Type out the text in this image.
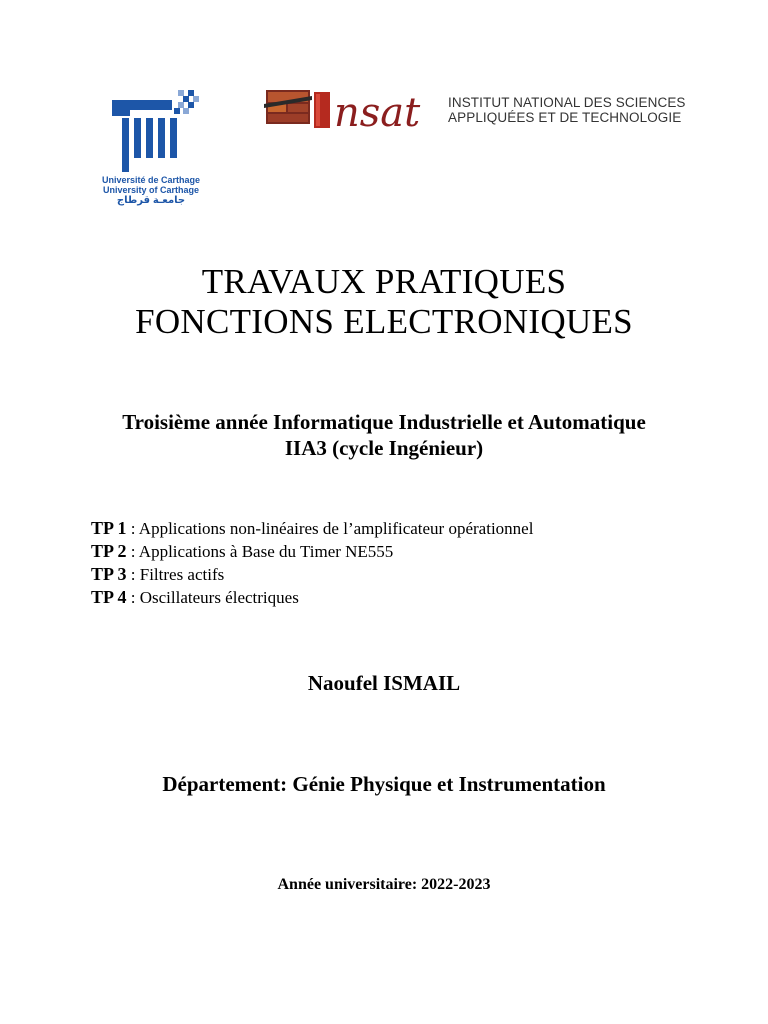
Université de Carthage
University of Carthage
جامعـة قرطاج
nsat INSTITUT NATIONAL DES SCIENCES
APPLIQUÉES ET DE TECHNOLOGIE
TRAVAUX PRATIQUES
FONCTIONS ELECTRONIQUES
Troisième année Informatique Industrielle et Automatique
IIA3 (cycle Ingénieur)
TP 1 : Applications non-linéaires de l’amplificateur opérationnel
TP 2 : Applications à Base du Timer NE555
TP 3 : Filtres actifs
TP 4 : Oscillateurs électriques
Naoufel ISMAIL
Département: Génie Physique et Instrumentation
Année universitaire: 2022-2023
